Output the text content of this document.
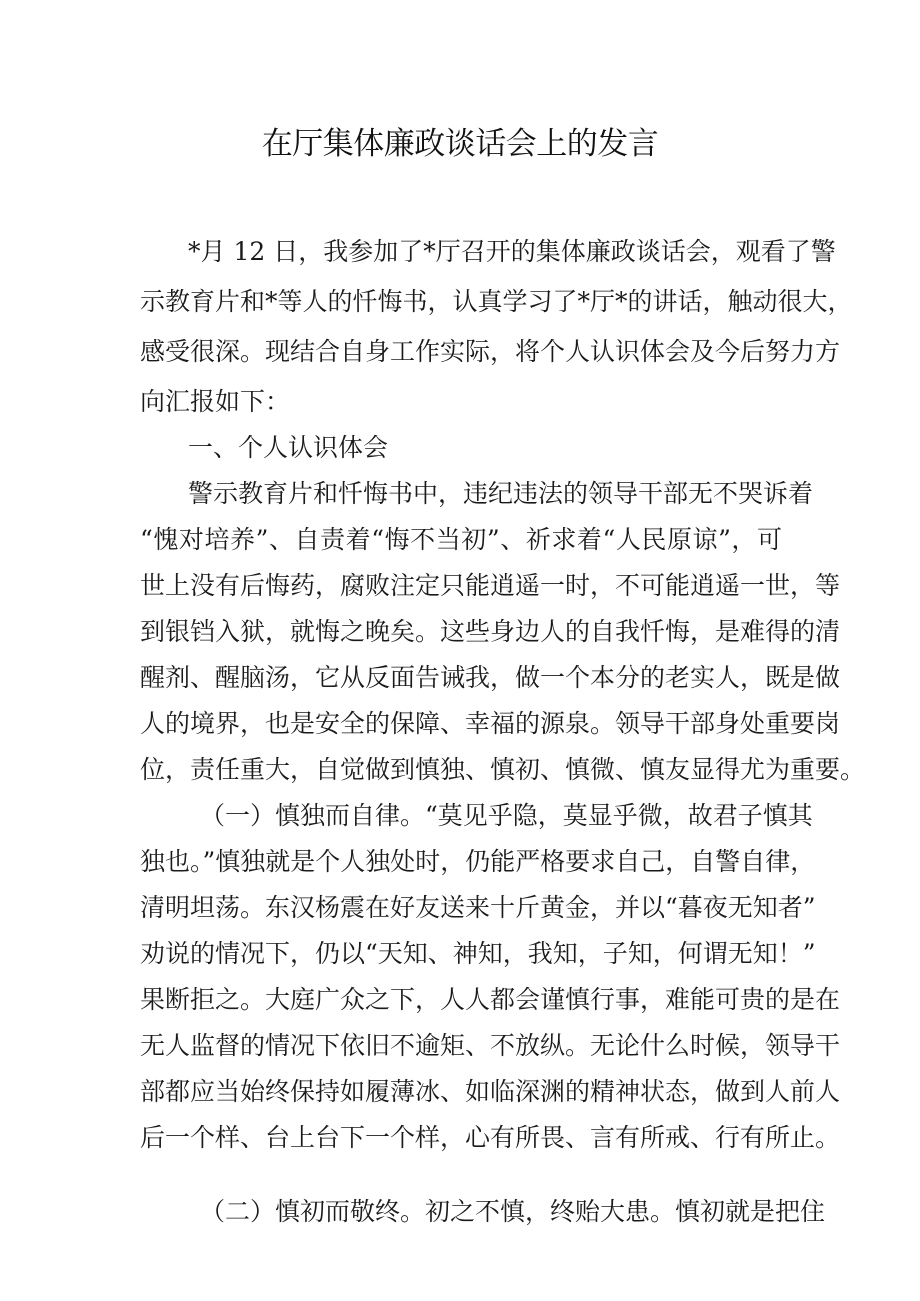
在厅集体廉政谈话会上的发言

*月 12 日，我参加了*厅召开的集体廉政谈话会，观看了警

示教育片和*等人的忏悔书，认真学习了*厅*的讲话，触动很大，

感受很深。现结合自身工作实际，将个人认识体会及今后努力方

向汇报如下：

一、个人认识体会

警示教育片和忏悔书中，违纪违法的领导干部无不哭诉着

“愧对培养”、自责着“悔不当初”、祈求着“人民原谅”，可

世上没有后悔药，腐败注定只能逍遥一时，不可能逍遥一世，等

到银铛入狱，就悔之晚矣。这些身边人的自我忏悔，是难得的清

醒剂、醒脑汤，它从反面告诫我，做一个本分的老实人，既是做

人的境界，也是安全的保障、幸福的源泉。领导干部身处重要岗

位，责任重大，自觉做到慎独、慎初、慎微、慎友显得尤为重要。

（一）慎独而自律。“莫见乎隐，莫显乎微，故君子慎其

独也。”慎独就是个人独处时，仍能严格要求自己，自警自律，

清明坦荡。东汉杨震在好友送来十斤黄金，并以“暮夜无知者”

劝说的情况下，仍以“天知、神知，我知，子知，何谓无知！”

果断拒之。大庭广众之下，人人都会谨慎行事，难能可贵的是在

无人监督的情况下依旧不逾矩、不放纵。无论什么时候，领导干

部都应当始终保持如履薄冰、如临深渊的精神状态，做到人前人

后一个样、台上台下一个样，心有所畏、言有所戒、行有所止。

（二）慎初而敬终。初之不慎，终贻大患。慎初就是把住
